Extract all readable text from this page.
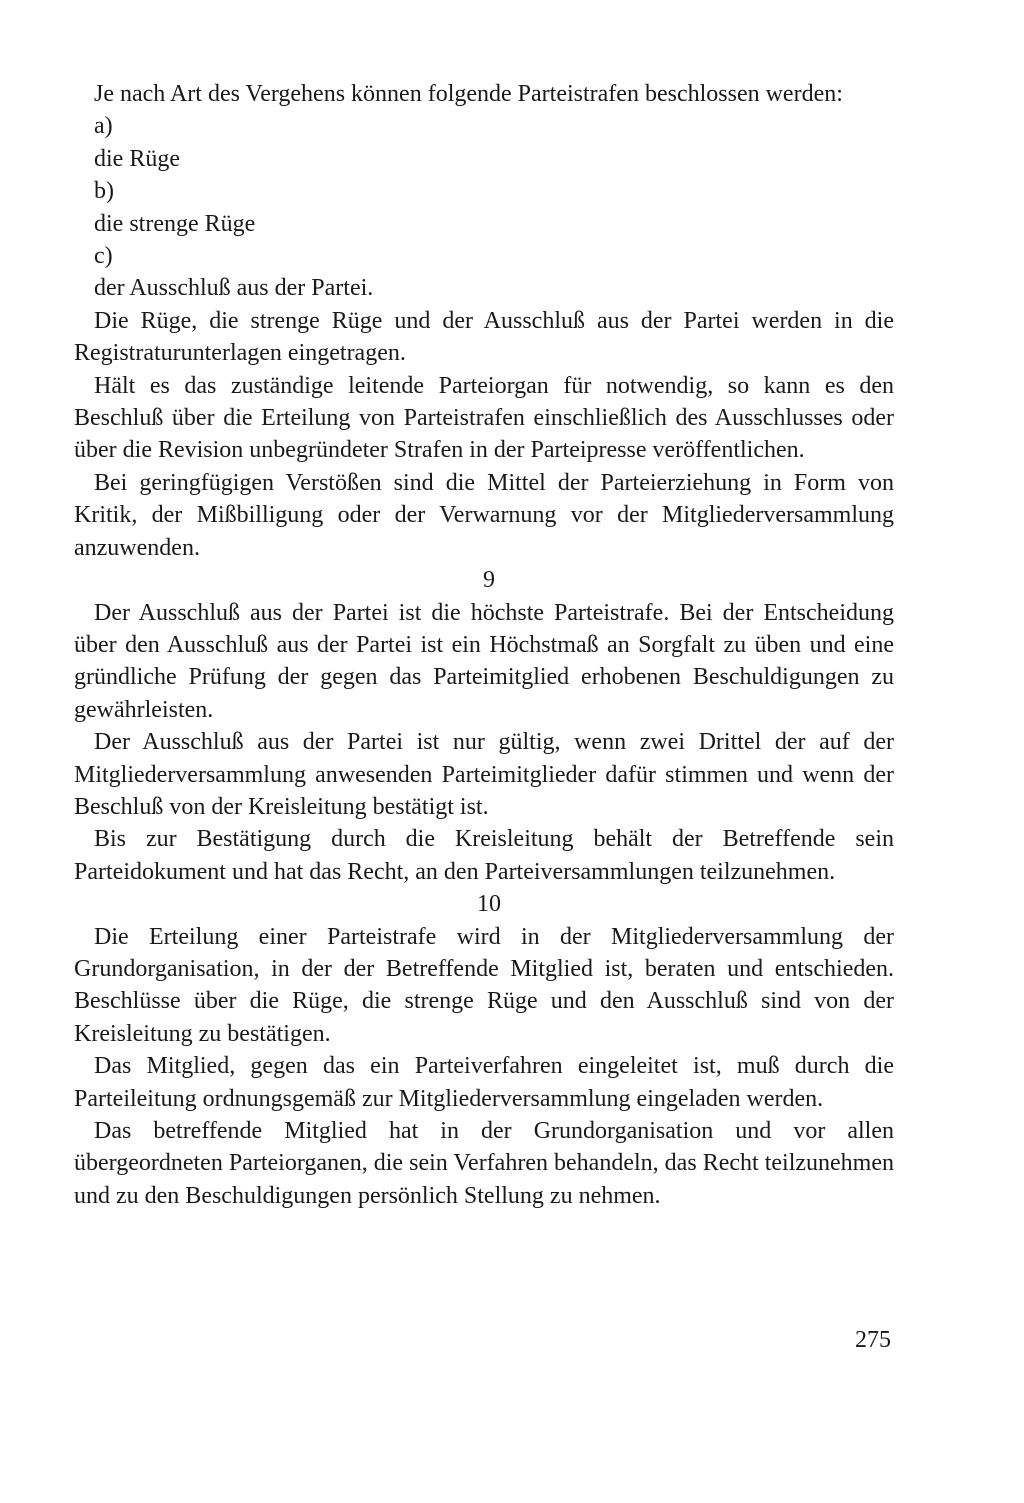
Je nach Art des Vergehens können folgende Parteistrafen beschlossen werden:

a)

die Rüge

b)

die strenge Rüge

c)

der Ausschluß aus der Partei.

Die Rüge, die strenge Rüge und der Ausschluß aus der Partei werden in die Registraturunterlagen eingetragen.

Hält es das zuständige leitende Parteiorgan für notwendig, so kann es den Beschluß über die Erteilung von Parteistrafen einschließlich des Ausschlusses oder über die Revision unbegründeter Strafen in der Parteipresse veröffentlichen.

Bei geringfügigen Verstößen sind die Mittel der Parteierziehung in Form von Kritik, der Mißbilligung oder der Verwarnung vor der Mitgliederversammlung anzuwenden.

9

Der Ausschluß aus der Partei ist die höchste Parteistrafe. Bei der Entscheidung über den Ausschluß aus der Partei ist ein Höchstmaß an Sorgfalt zu üben und eine gründliche Prüfung der gegen das Parteimitglied erhobenen Beschuldigungen zu gewährleisten.

Der Ausschluß aus der Partei ist nur gültig, wenn zwei Drittel der auf der Mitgliederversammlung anwesenden Parteimitglieder dafür stimmen und wenn der Beschluß von der Kreisleitung bestätigt ist.

Bis zur Bestätigung durch die Kreisleitung behält der Betreffende sein Parteidokument und hat das Recht, an den Parteiversammlungen teilzunehmen.

10

Die Erteilung einer Parteistrafe wird in der Mitgliederversammlung der Grundorganisation, in der der Betreffende Mitglied ist, beraten und entschieden. Beschlüsse über die Rüge, die strenge Rüge und den Ausschluß sind von der Kreisleitung zu bestätigen.

Das Mitglied, gegen das ein Parteiverfahren eingeleitet ist, muß durch die Parteileitung ordnungsgemäß zur Mitgliederversammlung eingeladen werden.

Das betreffende Mitglied hat in der Grundorganisation und vor allen übergeordneten Parteiorganen, die sein Verfahren behandeln, das Recht teilzunehmen und zu den Beschuldigungen persönlich Stellung zu nehmen.

275
